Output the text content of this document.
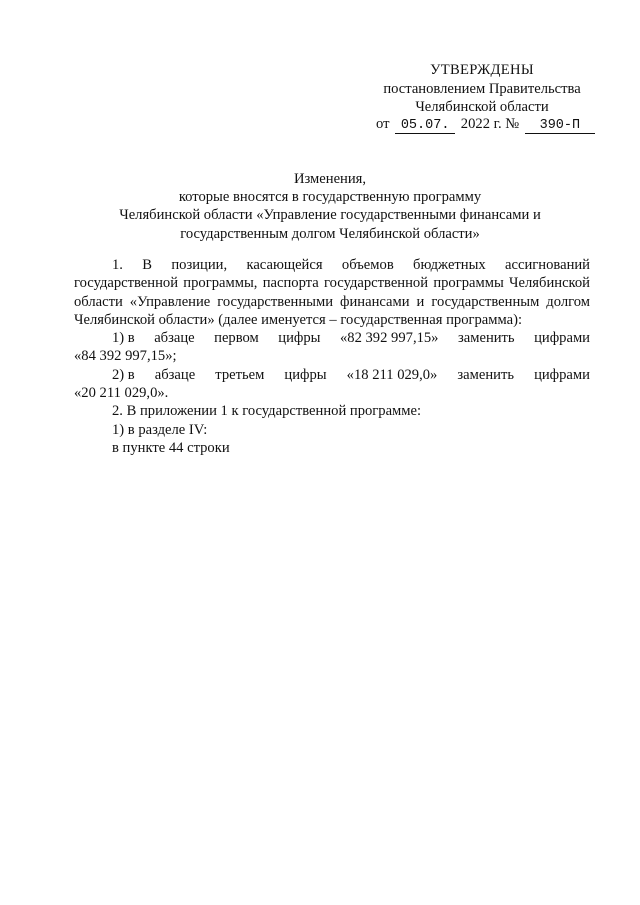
УТВЕРЖДЕНЫ
постановлением Правительства
Челябинской области
от 05.07. 2022 г. № 390-П
Изменения,
которые вносятся в государственную программу
Челябинской области «Управление государственными финансами и
государственным долгом Челябинской области»

1. В позиции, касающейся объемов бюджетных ассигнований государственной программы, паспорта государственной программы Челябинской области «Управление государственными финансами и государственным долгом Челябинской области» (далее именуется – государственная программа):

1) в абзаце первом цифры «82 392 997,15» заменить цифрами

«84 392 997,15»;

2) в абзаце третьем цифры «18 211 029,0» заменить цифрами

«20 211 029,0».

2. В приложении 1 к государственной программе:

1) в разделе IV:

в пункте 44 строки
